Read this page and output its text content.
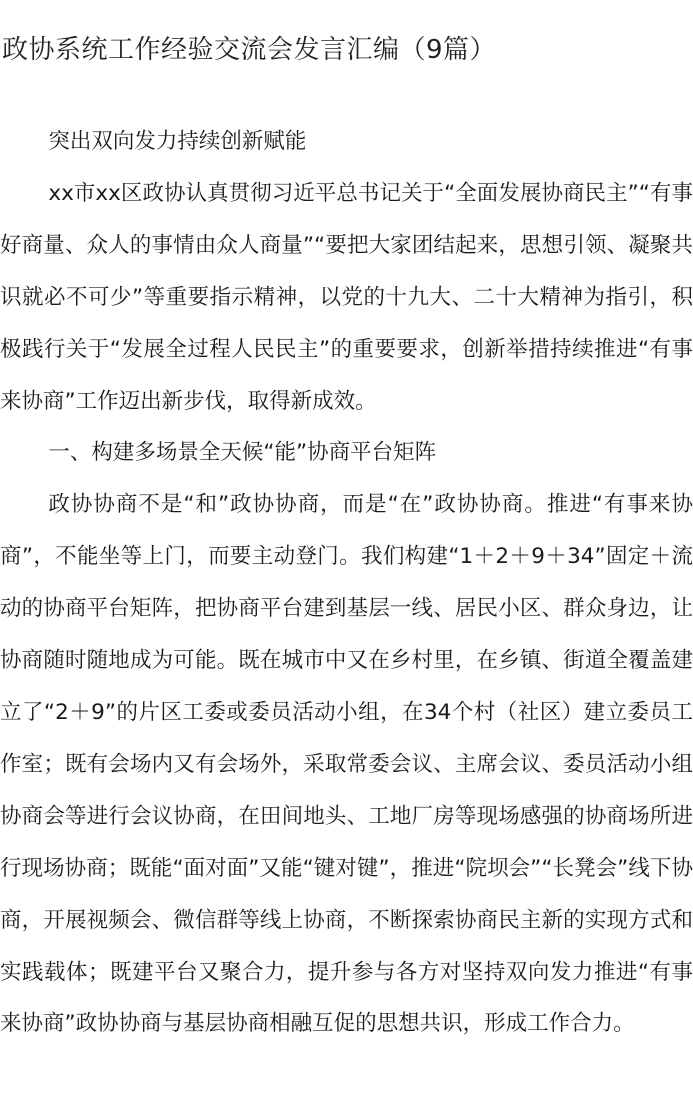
政协系统工作经验交流会发言汇编（9篇）

突出双向发力持续创新赋能

xx市xx区政协认真贯彻习近平总书记关于“全面发展协商民主”“有事好商量、众人的事情由众人商量”“要把大家团结起来，思想引领、凝聚共识就必不可少”等重要指示精神，以党的十九大、二十大精神为指引，积极践行关于“发展全过程人民民主”的重要要求，创新举措持续推进“有事来协商”工作迈出新步伐，取得新成效。

一、构建多场景全天候“能”协商平台矩阵

政协协商不是“和”政协协商，而是“在”政协协商。推进“有事来协商”，不能坐等上门，而要主动登门。我们构建“1＋2＋9＋34”固定＋流动的协商平台矩阵，把协商平台建到基层一线、居民小区、群众身边，让协商随时随地成为可能。既在城市中又在乡村里，在乡镇、街道全覆盖建立了“2＋9”的片区工委或委员活动小组，在34个村（社区）建立委员工作室；既有会场内又有会场外，采取常委会议、主席会议、委员活动小组协商会等进行会议协商，在田间地头、工地厂房等现场感强的协商场所进行现场协商；既能“面对面”又能“键对键”，推进“院坝会”“长凳会”线下协商，开展视频会、微信群等线上协商，不断探索协商民主新的实现方式和实践载体；既建平台又聚合力，提升参与各方对坚持双向发力推进“有事来协商”政协协商与基层协商相融互促的思想共识，形成工作合力。
